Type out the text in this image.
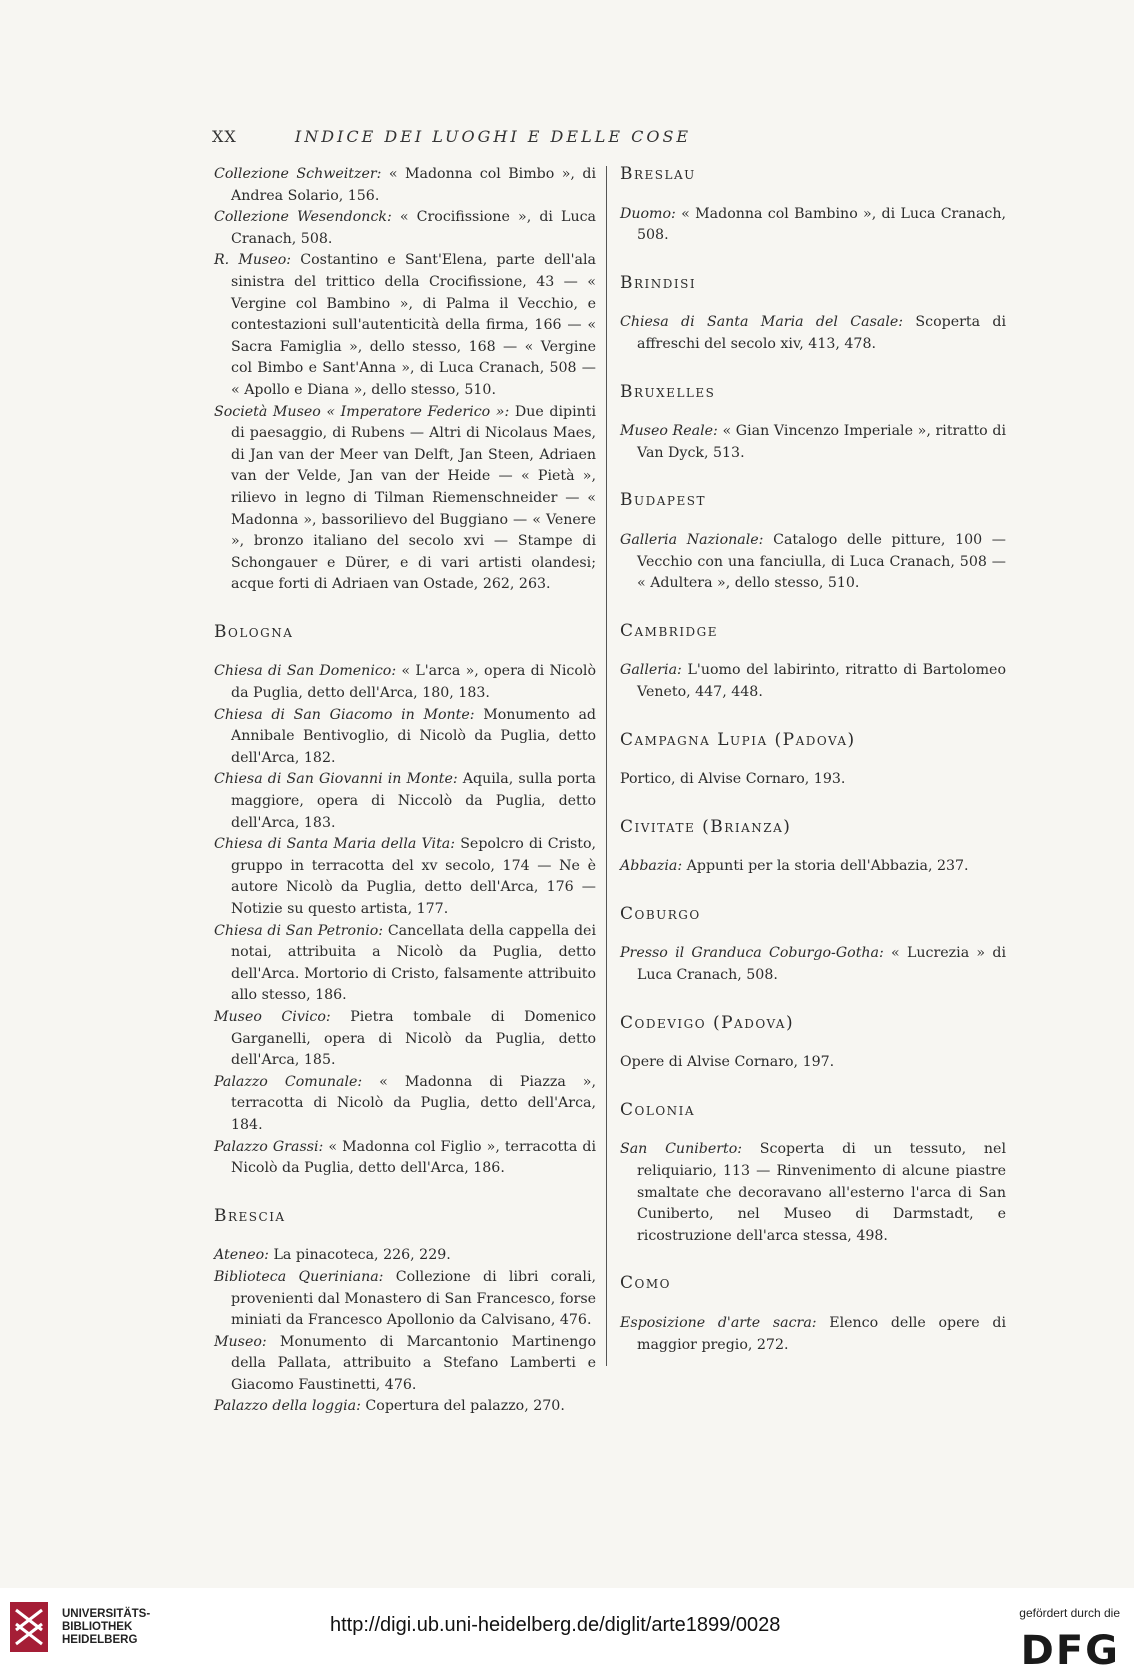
XX	INDICE DEI LUOGHI E DELLE COSE

Collezione Schweitzer: « Madonna col Bimbo », di Andrea Solario, 156.

Collezione Wesendonck: « Crocifissione », di Luca Cranach, 508.

R. Museo: Costantino e Sant'Elena, parte dell'ala sinistra del trittico della Crocifissione, 43 — « Vergine col Bambino », di Palma il Vecchio, e contestazioni sull'autenticità della firma, 166 — « Sacra Famiglia », dello stesso, 168 — « Vergine col Bimbo e Sant'Anna », di Luca Cranach, 508 — « Apollo e Diana », dello stesso, 510.

Società Museo « Imperatore Federico »: Due dipinti di paesaggio, di Rubens — Altri di Nicolaus Maes, di Jan van der Meer van Delft, Jan Steen, Adriaen van der Velde, Jan van der Heide — « Pietà », rilievo in legno di Tilman Riemenschneider — « Madonna », bassorilievo del Buggiano — « Venere », bronzo italiano del secolo xvi — Stampe di Schongauer e Dürer, e di vari artisti olandesi; acque forti di Adriaen van Ostade, 262, 263.

Bologna

Chiesa di San Domenico: « L'arca », opera di Nicolò da Puglia, detto dell'Arca, 180, 183.

Chiesa di San Giacomo in Monte: Monumento ad Annibale Bentivoglio, di Nicolò da Puglia, detto dell'Arca, 182.

Chiesa di San Giovanni in Monte: Aquila, sulla porta maggiore, opera di Niccolò da Puglia, detto dell'Arca, 183.

Chiesa di Santa Maria della Vita: Sepolcro di Cristo, gruppo in terracotta del xv secolo, 174 — Ne è autore Nicolò da Puglia, detto dell'Arca, 176 — Notizie su questo artista, 177.

Chiesa di San Petronio: Cancellata della cappella dei notai, attribuita a Nicolò da Puglia, detto dell'Arca. Mortorio di Cristo, falsamente attribuito allo stesso, 186.

Museo Civico: Pietra tombale di Domenico Garganelli, opera di Nicolò da Puglia, detto dell'Arca, 185.

Palazzo Comunale: « Madonna di Piazza », terracotta di Nicolò da Puglia, detto dell'Arca, 184.

Palazzo Grassi: « Madonna col Figlio », terracotta di Nicolò da Puglia, detto dell'Arca, 186.

Brescia

Ateneo: La pinacoteca, 226, 229.

Biblioteca Queriniana: Collezione di libri corali, provenienti dal Monastero di San Francesco, forse miniati da Francesco Apollonio da Calvisano, 476.

Museo: Monumento di Marcantonio Martinengo della Pallata, attribuito a Stefano Lamberti e Giacomo Faustinetti, 476.

Palazzo della loggia: Copertura del palazzo, 270.

Breslau

Duomo: « Madonna col Bambino », di Luca Cranach, 508.

Brindisi

Chiesa di Santa Maria del Casale: Scoperta di affreschi del secolo xiv, 413, 478.

Bruxelles

Museo Reale: « Gian Vincenzo Imperiale », ritratto di Van Dyck, 513.

Budapest

Galleria Nazionale: Catalogo delle pitture, 100 — Vecchio con una fanciulla, di Luca Cranach, 508 — « Adultera », dello stesso, 510.

Cambridge

Galleria: L'uomo del labirinto, ritratto di Bartolomeo Veneto, 447, 448.

Campagna Lupia (Padova)

Portico, di Alvise Cornaro, 193.

Civitate (Brianza)

Abbazia: Appunti per la storia dell'Abbazia, 237.

Coburgo

Presso il Granduca Coburgo-Gotha: « Lucrezia » di Luca Cranach, 508.

Codevigo (Padova)

Opere di Alvise Cornaro, 197.

Colonia

San Cuniberto: Scoperta di un tessuto, nel reliquiario, 113 — Rinvenimento di alcune piastre smaltate che decoravano all'esterno l'arca di San Cuniberto, nel Museo di Darmstadt, e ricostruzione dell'arca stessa, 498.

Como

Esposizione d'arte sacra: Elenco delle opere di maggior pregio, 272.

UNIVERSITÄTS-
BIBLIOTHEK
HEIDELBERG
http://digi.ub.uni-heidelberg.de/diglit/arte1899/0028
gefördert durch die
DFG
